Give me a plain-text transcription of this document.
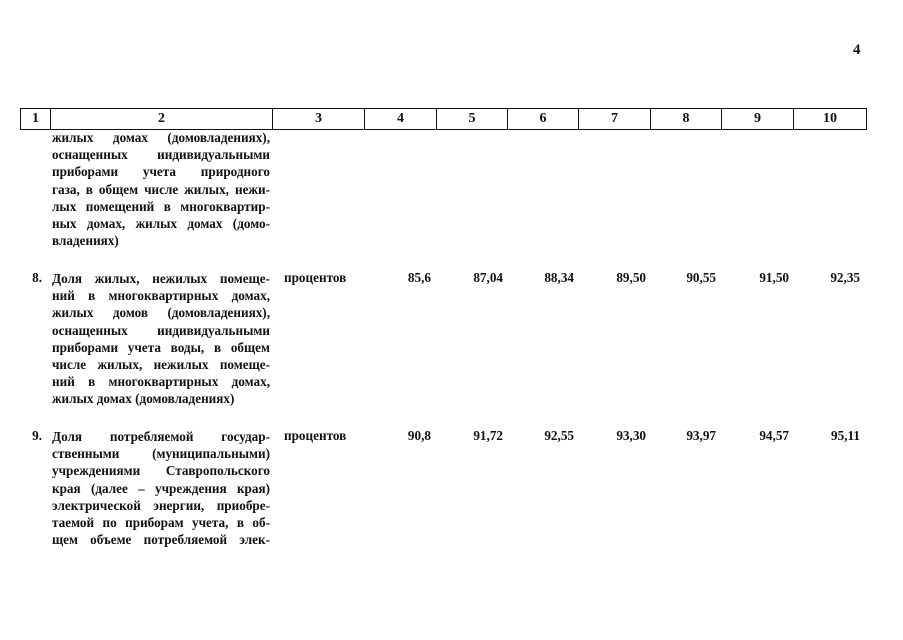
4
1	2	3	4	5	6	7	8	9	10
жилых домах (домовладениях),
оснащенных индивидуальными
приборами учета природного
газа, в общем числе жилых, нежи-
лых помещений в многоквартир-
ных домах, жилых домах (домо-
владениях)
8. Доля жилых, нежилых помеще-
ний в многоквартирных домах,
жилых домов (домовладениях),
оснащенных индивидуальными
приборами учета воды, в общем
числе жилых, нежилых помеще-
ний в многоквартирных домах,
жилых домах (домовладениях)
процентов	85,6	87,04	88,34	89,50	90,55	91,50	92,35
9. Доля потребляемой государ-
ственными (муниципальными)
учреждениями Ставропольского
края (далее – учреждения края)
электрической энергии, приобре-
таемой по приборам учета, в об-
щем объеме потребляемой элек-
процентов	90,8	91,72	92,55	93,30	93,97	94,57	95,11
